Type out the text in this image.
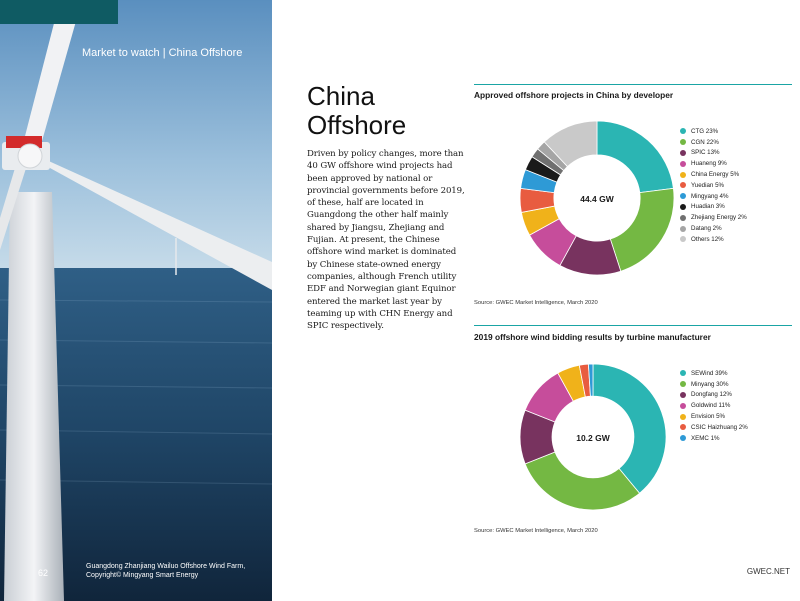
Market to watch | China Offshore
62
Guangdong Zhanjiang Wailuo Offshore Wind Farm, Copyright© Mingyang Smart Energy
China
Offshore
Driven by policy changes, more than 40 GW offshore wind projects had been approved by national or provincial governments before 2019, of these, half are located in Guangdong the other half mainly shared by Jiangsu, Zhejiang and Fujian. At present, the Chinese offshore wind market is dominated by Chinese state-owned energy companies, although French utility EDF and Norwegian giant Equinor entered the market last year by teaming up with CHN Energy and SPIC respectively.
Approved offshore projects in China by developer
44.4 GW
CTG 23%
CGN 22%
SPIC 13%
Huaneng 9%
China Energy 5%
Yuedian 5%
Mingyang 4%
Huadian 3%
Zhejiang Energy 2%
Datang 2%
Others 12%
Source: GWEC Market Intelligence, March 2020
2019 offshore wind bidding results by turbine manufacturer
10.2 GW
SEWind 39%
Minyang 30%
Dongfang 12%
Goldwind 11%
Envision 5%
CSIC Haizhuang 2%
XEMC 1%
Source: GWEC Market Intelligence, March 2020
GWEC.NET
